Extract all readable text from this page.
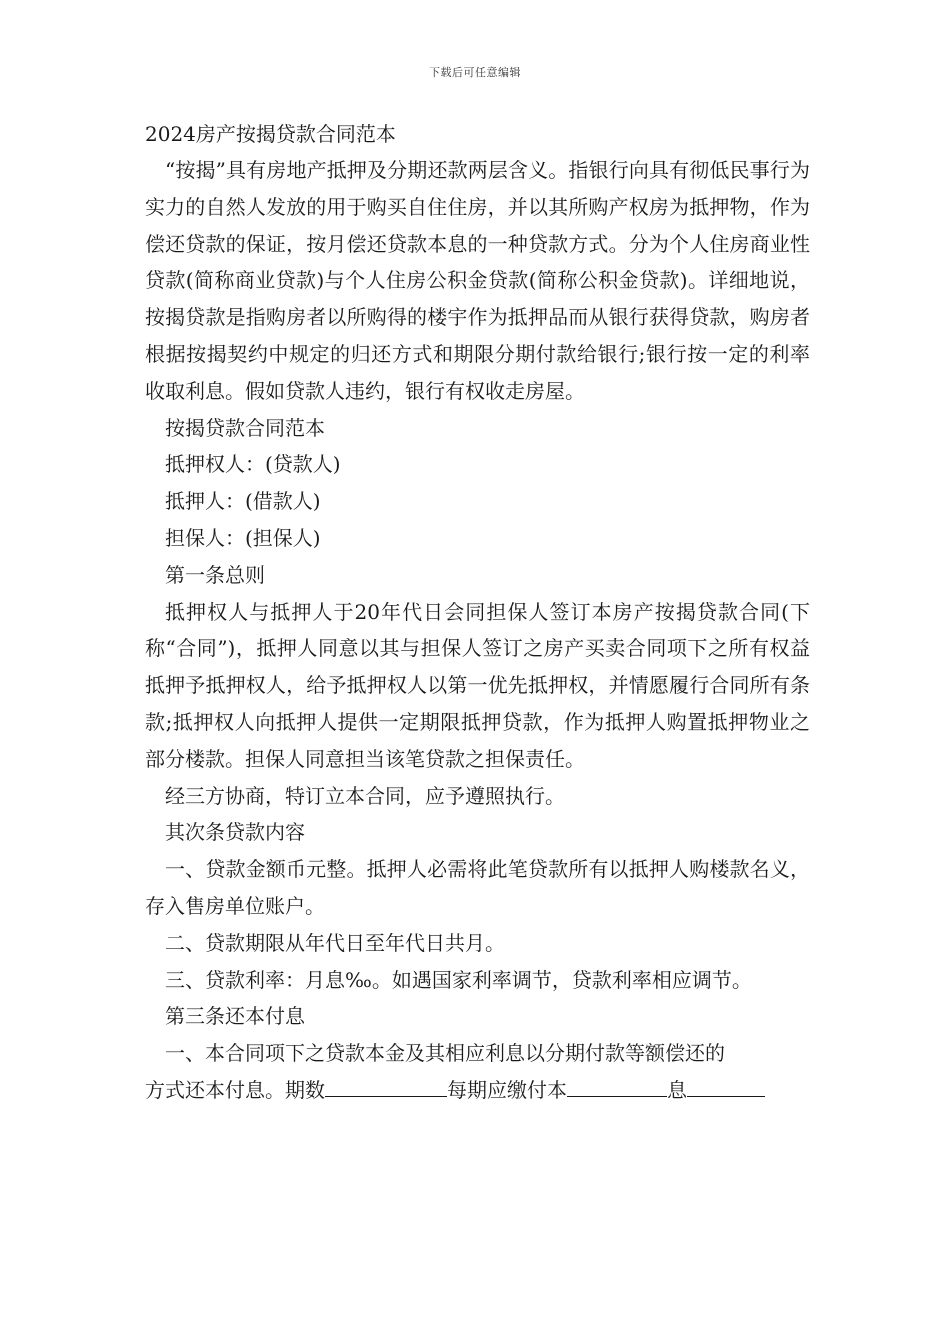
下载后可任意编辑

2024房产按揭贷款合同范本

“按揭”具有房地产抵押及分期还款两层含义。指银行向具有彻低民事行为实力的自然人发放的用于购买自住住房，并以其所购产权房为抵押物，作为偿还贷款的保证，按月偿还贷款本息的一种贷款方式。分为个人住房商业性贷款(简称商业贷款)与个人住房公积金贷款(简称公积金贷款)。详细地说，按揭贷款是指购房者以所购得的楼宇作为抵押品而从银行获得贷款，购房者根据按揭契约中规定的归还方式和期限分期付款给银行;银行按一定的利率收取利息。假如贷款人违约，银行有权收走房屋。

按揭贷款合同范本

抵押权人：(贷款人)

抵押人：(借款人)

担保人：(担保人)

第一条总则

抵押权人与抵押人于20年代日会同担保人签订本房产按揭贷款合同(下称“合同”)，抵押人同意以其与担保人签订之房产买卖合同项下之所有权益抵押予抵押权人，给予抵押权人以第一优先抵押权，并情愿履行合同所有条款;抵押权人向抵押人提供一定期限抵押贷款，作为抵押人购置抵押物业之部分楼款。担保人同意担当该笔贷款之担保责任。

经三方协商，特订立本合同，应予遵照执行。

其次条贷款内容

一、贷款金额币元整。抵押人必需将此笔贷款所有以抵押人购楼款名义，存入售房单位账户。

二、贷款期限从年代日至年代日共月。

三、贷款利率：月息‰。如遇国家利率调节，贷款利率相应调节。

第三条还本付息

一、本合同项下之贷款本金及其相应利息以分期付款等额偿还的

方式还本付息。期数	每期应缴付本	息
